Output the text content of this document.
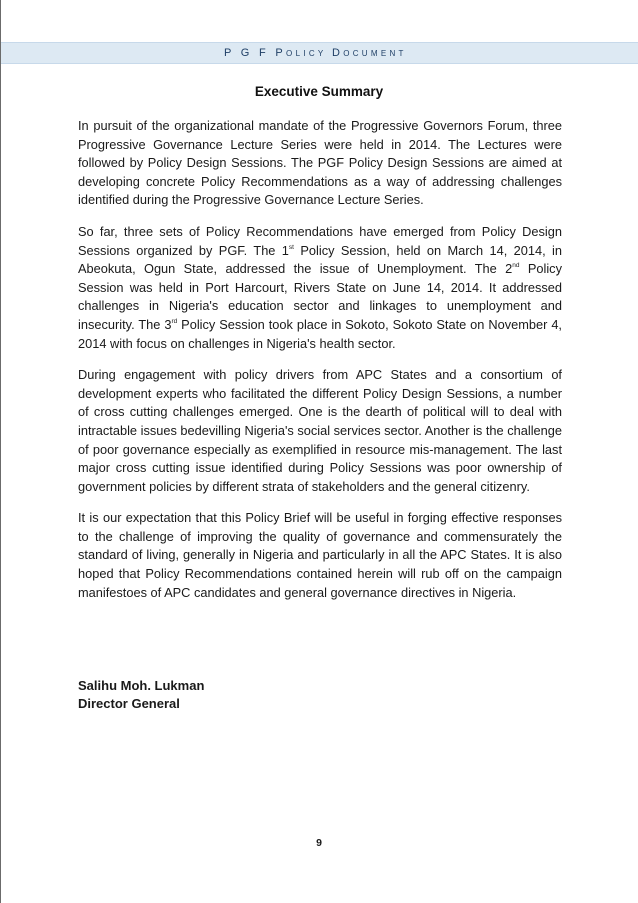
P G F POLICY DOCUMENT
Executive Summary

In pursuit of the organizational mandate of the Progressive Governors Forum, three Progressive Governance Lecture Series were held in 2014. The Lectures were followed by Policy Design Sessions. The PGF Policy Design Sessions are aimed at developing concrete Policy Recommendations as a way of addressing challenges identified during the Progressive Governance Lecture Series.

So far, three sets of Policy Recommendations have emerged from Policy Design Sessions organized by PGF. The 1st Policy Session, held on March 14, 2014, in Abeokuta, Ogun State, addressed the issue of Unemployment. The 2nd Policy Session was held in Port Harcourt, Rivers State on June 14, 2014. It addressed challenges in Nigeria's education sector and linkages to unemployment and insecurity. The 3rd Policy Session took place in Sokoto, Sokoto State on November 4, 2014 with focus on challenges in Nigeria's health sector.

During engagement with policy drivers from APC States and a consortium of development experts who facilitated the different Policy Design Sessions, a number of cross cutting challenges emerged. One is the dearth of political will to deal with intractable issues bedevilling Nigeria's social services sector. Another is the challenge of poor governance especially as exemplified in resource mis-management. The last major cross cutting issue identified during Policy Sessions was poor ownership of government policies by different strata of stakeholders and the general citizenry.

It is our expectation that this Policy Brief will be useful in forging effective responses to the challenge of improving the quality of governance and commensurately the standard of living, generally in Nigeria and particularly in all the APC States. It is also hoped that Policy Recommendations contained herein will rub off on the campaign manifestoes of APC candidates and general governance directives in Nigeria.

Salihu Moh. Lukman
Director General
9
